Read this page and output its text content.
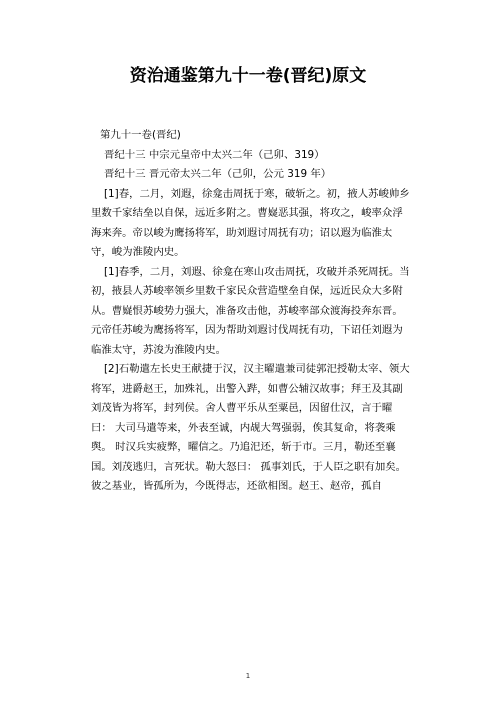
资治通鉴第九十一卷(晋纪)原文

第九十一卷(晋纪)

晋纪十三 中宗元皇帝中太兴二年（己卯、319）

晋纪十三 晋元帝太兴二年（己卯，公元 319 年）

[1]春，二月，刘遐，徐龛击周抚于寒，破斩之。初，掖人苏峻帅乡里数千家结垒以自保，远近多附之。曹嶷恶其强，将攻之，峻率众浮海来奔。帝以峻为鹰扬将军，助刘遐讨周抚有功；诏以遐为临淮太守，峻为淮陵内史。

[1]春季，二月，刘遐、徐龛在寒山攻击周抚，攻破并杀死周抚。当初，掖县人苏峻率领乡里数千家民众营造壁垒自保，远近民众大多附从。曹嶷恨苏峻势力强大，准备攻击他，苏峻率部众渡海投奔东晋。元帝任苏峻为鹰扬将军，因为帮助刘遐讨伐周抚有功，下诏任刘遐为临淮太守，苏浚为淮陵内史。

[2]石勒遣左长史王献捷于汉，汉主曜遣兼司徒郭汜授勒太宰、领大将军，进爵赵王，加殊礼，出警入跸，如曹公辅汉故事；拜王及其副刘茂皆为将军，封列侯。舍人曹平乐从至粟邑，因留仕汉，言于曜曰： 大司马遣等来，外表至诚，内觇大驾强弱，俟其复命，将袭乘舆。 时汉兵实疲弊，曜信之。乃追汜还，斩于市。三月，勒还至襄国。刘茂逃归，言死状。勒大怒曰： 孤事刘氏，于人臣之职有加矣。彼之基业，皆孤所为，今既得志，还欲相图。赵王、赵帝，孤自

1
